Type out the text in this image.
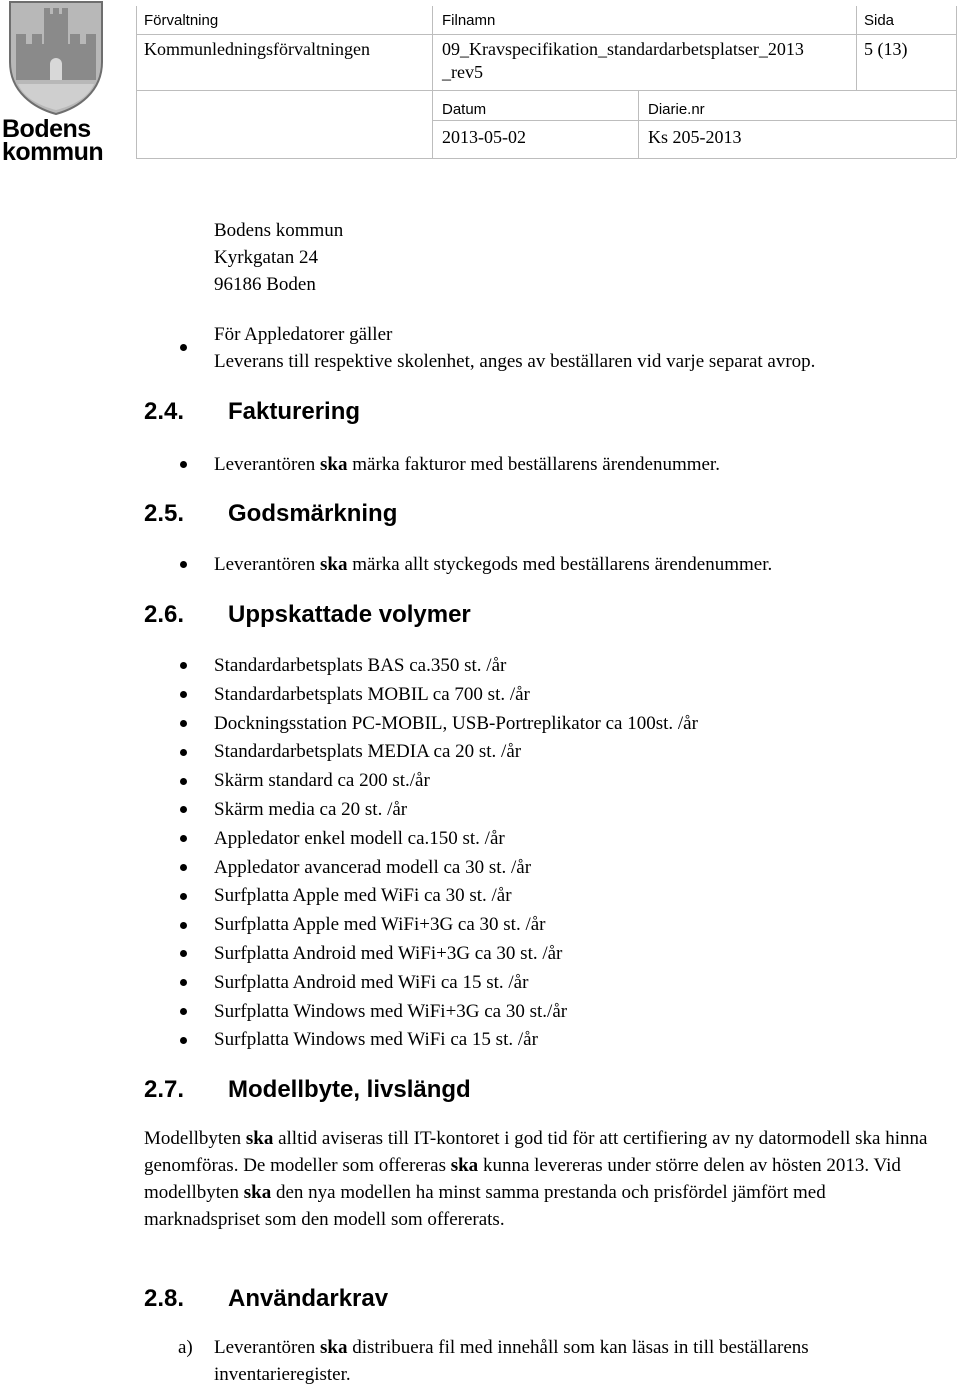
Bodens
kommun
Förvaltning
Kommunledningsförvaltningen
Filnamn
09_Kravspecifikation_standardarbetsplatser_2013
_rev5
Sida
5 (13)
Datum
2013-05-02
Diarie.nr
Ks 205-2013
Bodens kommun
Kyrkgatan 24
96186 Boden
För Appledatorer gäller
Leverans till respektive skolenhet, anges av beställaren vid varje separat avrop.
2.4. Fakturering
Leverantören ska märka fakturor med beställarens ärendenummer.
2.5. Godsmärkning
Leverantören ska märka allt styckegods med beställarens ärendenummer.
2.6. Uppskattade volymer
Standardarbetsplats BAS ca.350 st. /år
Standardarbetsplats MOBIL ca 700 st. /år
Dockningsstation PC-MOBIL, USB-Portreplikator ca 100st. /år
Standardarbetsplats MEDIA ca 20 st. /år
Skärm standard ca 200 st./år
Skärm media ca 20 st. /år
Appledator enkel modell ca.150 st. /år
Appledator avancerad modell ca 30 st. /år
Surfplatta Apple med WiFi ca 30 st. /år
Surfplatta Apple med WiFi+3G ca 30 st. /år
Surfplatta Android med WiFi+3G ca 30 st. /år
Surfplatta Android med WiFi ca 15 st. /år
Surfplatta Windows med WiFi+3G ca 30 st./år
Surfplatta Windows med WiFi ca 15 st. /år
2.7. Modellbyte, livslängd

Modellbyten ska alltid aviseras till IT-kontoret i god tid för att certifiering av ny datormodell ska hinna genomföras. De modeller som offereras ska kunna levereras under större delen av hösten 2013. Vid modellbyten ska den nya modellen ha minst samma prestanda och prisfördel jämfört med marknadspriset som den modell som offererats.

2.8. Användarkrav
a) Leverantören ska distribuera fil med innehåll som kan läsas in till beställarens inventarieregister.
